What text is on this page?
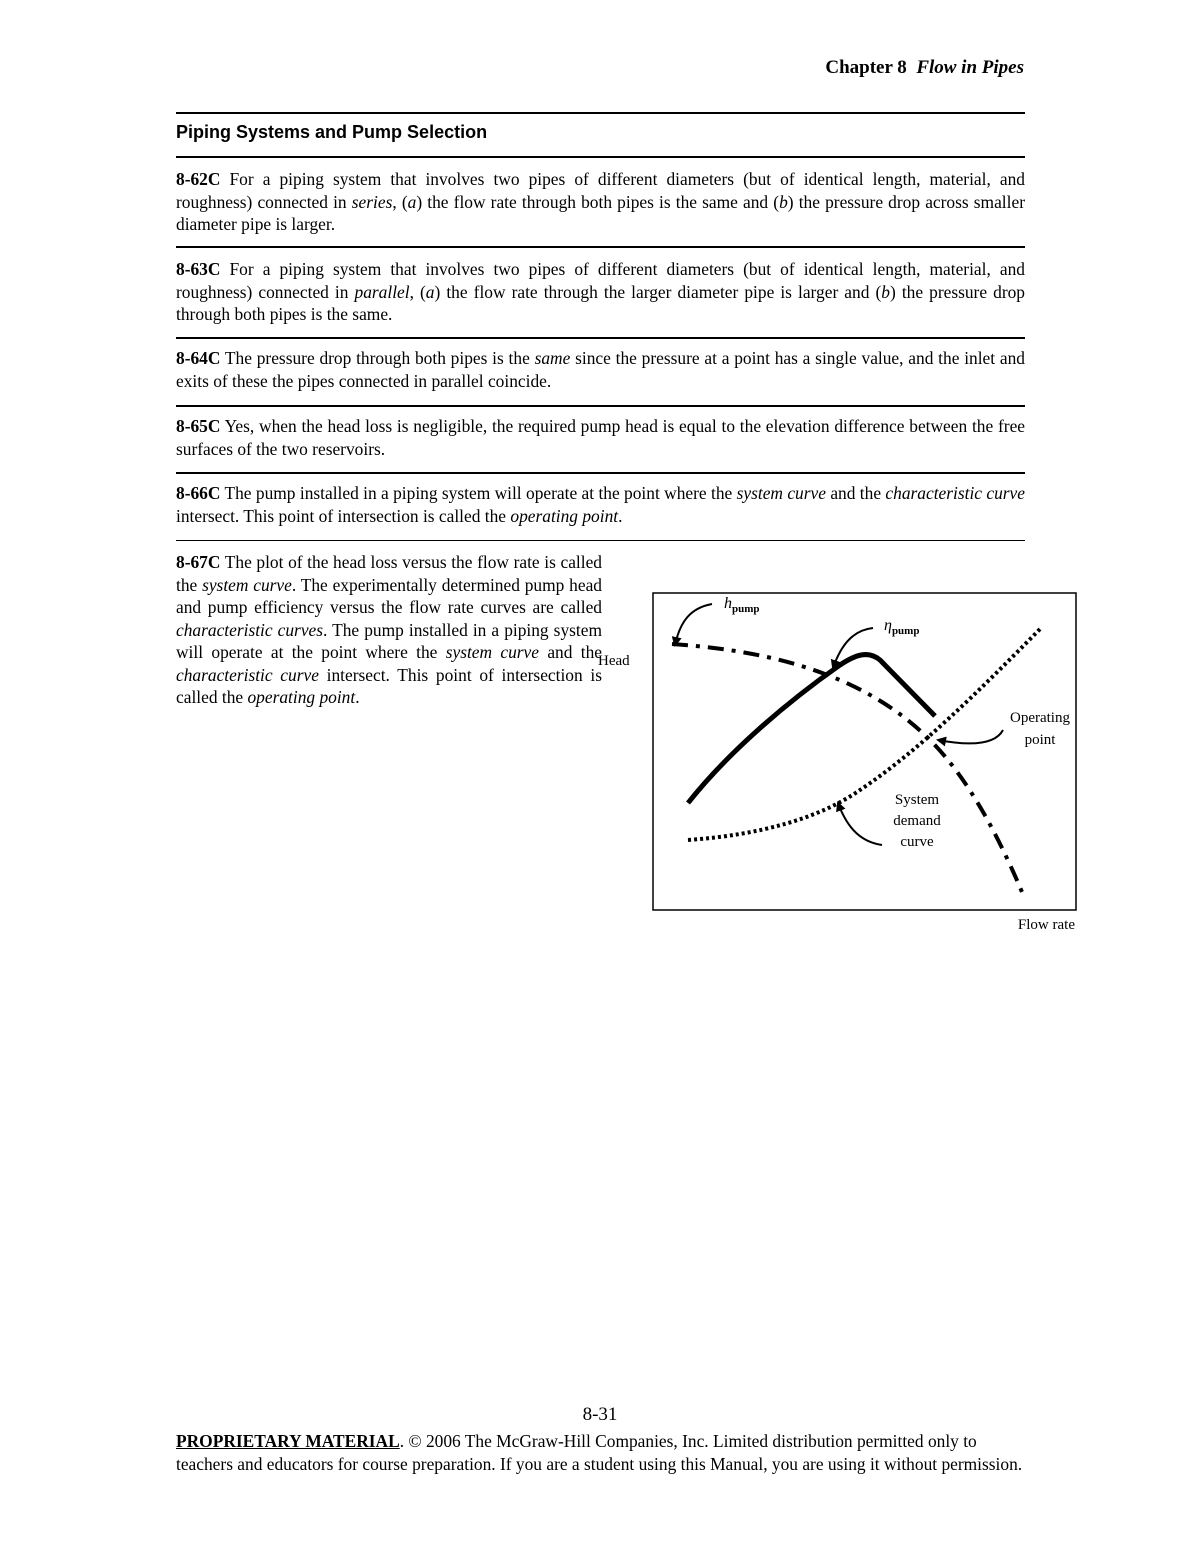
Chapter 8 Flow in Pipes
Piping Systems and Pump Selection
8-62C For a piping system that involves two pipes of different diameters (but of identical length, material, and roughness) connected in series, (a) the flow rate through both pipes is the same and (b) the pressure drop across smaller diameter pipe is larger.
8-63C For a piping system that involves two pipes of different diameters (but of identical length, material, and roughness) connected in parallel, (a) the flow rate through the larger diameter pipe is larger and (b) the pressure drop through both pipes is the same.
8-64C The pressure drop through both pipes is the same since the pressure at a point has a single value, and the inlet and exits of these the pipes connected in parallel coincide.
8-65C Yes, when the head loss is negligible, the required pump head is equal to the elevation difference between the free surfaces of the two reservoirs.
8-66C The pump installed in a piping system will operate at the point where the system curve and the characteristic curve intersect. This point of intersection is called the operating point.
8-67C The plot of the head loss versus the flow rate is called the system curve. The experimentally determined pump head and pump efficiency versus the flow rate curves are called characteristic curves. The pump installed in a piping system will operate at the point where the system curve and the characteristic curve intersect. This point of intersection is called the operating point.
Head
Flow rate
$h_{pump}$
$\eta_{pump}$
Operating
point
System
demand
curve
8-31
PROPRIETARY MATERIAL. © 2006 The McGraw-Hill Companies, Inc. Limited distribution permitted only to teachers and educators for course preparation. If you are a student using this Manual, you are using it without permission.
